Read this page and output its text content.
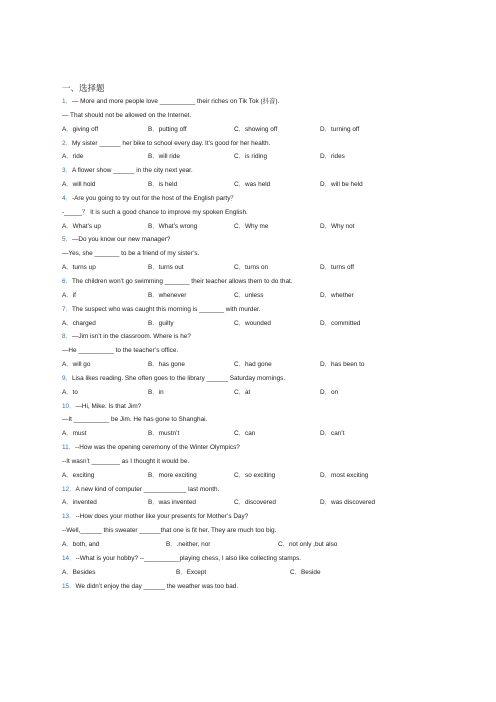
一、选择题
1．— More and more people love __________ their riches on Tik Tok (抖音).
— That should not be allowed on the Internet.
A．giving off	B．putting off	C．showing off	D．turning off
2．My sister ______ her bike to school every day. It’s good for her health.
A．ride	B．will ride	C．is riding	D．rides
3．A flower show ______ in the city next year.
A．will hold	B．is held	C．was held	D．will be held
4．-Are you going to try out for the host of the English party？
-_____？ It is such a good chance to improve my spoken English.
A．What’s up	B．What’s wrong	C．Why me	D．Why not
5．—Do you know our new manager?
—Yes, she _______ to be a friend of my sister’s.
A．turns up	B．turns out	C．turns on	D．turns off
6．The children won’t go swimming _______ their teacher allows them to do that.
A．if	B．whenever	C．unless	D．whether
7．The suspect who was caught this morning is _______ with murder.
A．charged	B．guilty	C．wounded	D．committed
8．—Jim isn’t in the classroom. Where is he?
—He __________ to the teacher’s office.
A．will go	B．has gone	C．had gone	D．has been to
9．Lisa likes reading. She often goes to the library ______ Saturday mornings.
A．to	B．in	C．at	D．on
10．—Hi, Mike. Is that Jim?
—It __________ be Jim. He has gone to Shanghai.
A．must	B．mustn’t	C．can	D．can’t
11．--How was the opening ceremony of the Winter Olympics?
--It wasn’t ________ as I thought it would be.
A．exciting	B．more exciting	C．so exciting	D．most exciting
12．A new kind of computer ____________ last month.
A．invented	B．was invented	C．discovered	D．was discovered
13．--How does your mother like your presents for Mother’s Day?
--Well,______ this sweater ______that one is fit her. They are much too big.
A．both, and	B．.neither, nor	C．not only ,but also
14．--What is your hobby? --__________playing chess, I also like collecting stamps.
A．Besides	B．Except	C．Beside
15．We didn’t enjoy the day ______ the weather was too bad.
